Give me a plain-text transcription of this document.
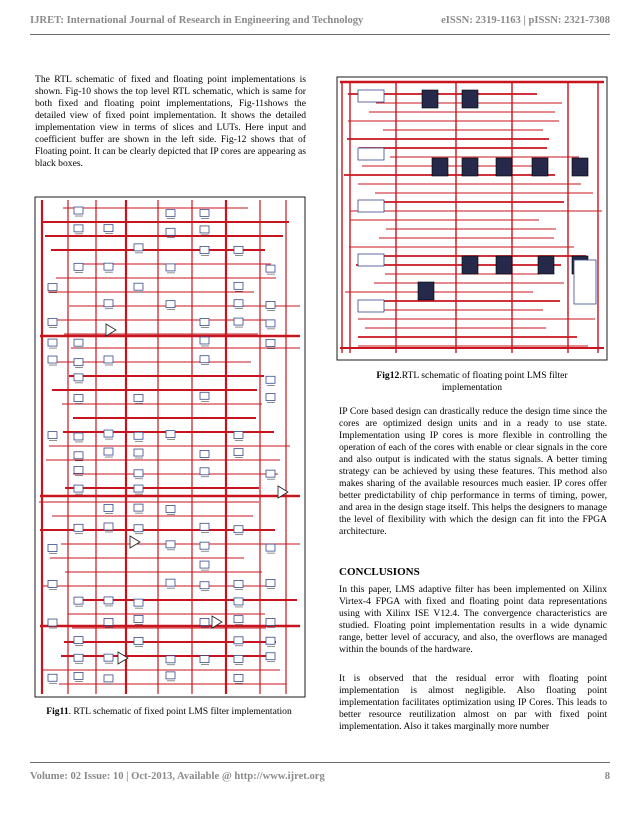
IJRET: International Journal of Research in Engineering and Technology	eISSN: 2319-1163 | pISSN: 2321-7308

The RTL schematic of fixed and floating point implementations is shown. Fig-10 shows the top level RTL schematic, which is same for both fixed and floating point implementations, Fig-11shows the detailed view of fixed point implementation. It shows the detailed implementation view in terms of slices and LUTs. Here input and coefficient buffer are shown in the left side. Fig-12 shows that of Floating point. It can be clearly depicted that IP cores are appearing as black boxes.

Fig11. RTL schematic of fixed point LMS filter implementation

Fig12.RTL schematic of floating point LMS filter implementation

IP Core based design can drastically reduce the design time since the cores are optimized design units and in a ready to use state. Implementation using IP cores is more flexible in controlling the operation of each of the cores with enable or clear signals in the core and also output is indicated with the status signals. A better timing strategy can be achieved by using these features. This method also makes sharing of the available resources much easier. IP cores offer better predictability of chip performance in terms of timing, power, and area in the design stage itself. This helps the designers to manage the level of flexibility with which the design can fit into the FPGA architecture.

CONCLUSIONS

In this paper, LMS adaptive filter has been implemented on Xilinx Virtex-4 FPGA with fixed and floating point data representations using with Xilinx ISE V12.4. The convergence characteristics are studied. Floating point implementation results in a wide dynamic range, better level of accuracy, and also, the overflows are managed within the bounds of the hardware.

It is observed that the residual error with floating point implementation is almost negligible. Also floating point implementation facilitates optimization using IP Cores. This leads to better resource reutilization almost on par with fixed point implementation. Also it takes marginally more number

Volume: 02 Issue: 10 | Oct-2013, Available @ http://www.ijret.org	8
